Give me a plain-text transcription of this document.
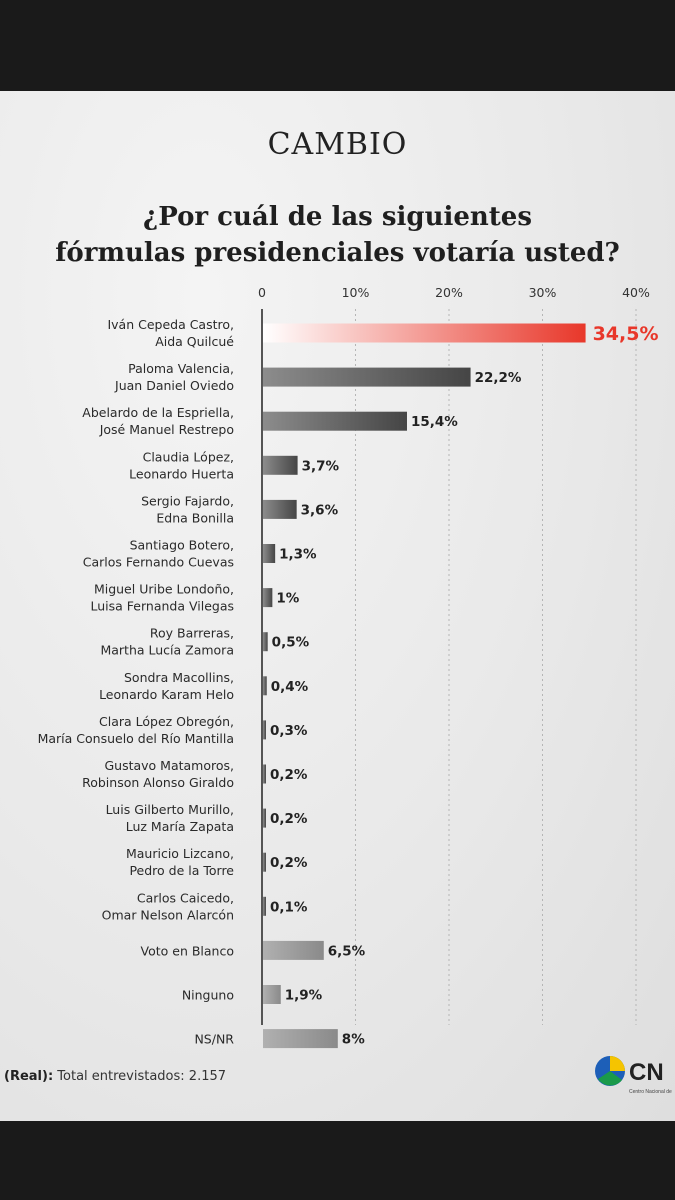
CAMBIO
¿Por cuál de las siguientes
fórmulas presidenciales votaría usted?
0	10%	20%	30%	40%
34,5%
Iván Cepeda Castro,
Aida Quilcué
22,2%
Paloma Valencia,
Juan Daniel Oviedo
15,4%
Abelardo de la Espriella,
José Manuel Restrepo
3,7%
Claudia López,
Leonardo Huerta
3,6%
Sergio Fajardo,
Edna Bonilla
1,3%
Santiago Botero,
Carlos Fernando Cuevas
1%
Miguel Uribe Londoño,
Luisa Fernanda Vilegas
0,5%
Roy Barreras,
Martha Lucía Zamora
0,4%
Sondra Macollins,
Leonardo Karam Helo
0,3%
Clara López Obregón,
María Consuelo del Río Mantilla
0,2%
Gustavo Matamoros,
Robinson Alonso Giraldo
0,2%
Luis Gilberto Murillo,
Luz María Zapata
0,2%
Mauricio Lizcano,
Pedro de la Torre
0,1%
Carlos Caicedo,
Omar Nelson Alarcón
6,5%
Voto en Blanco
1,9%
Ninguno
8%
NS/NR
(Real): Total entrevistados: 2.157	CN
Centro Nacional de
